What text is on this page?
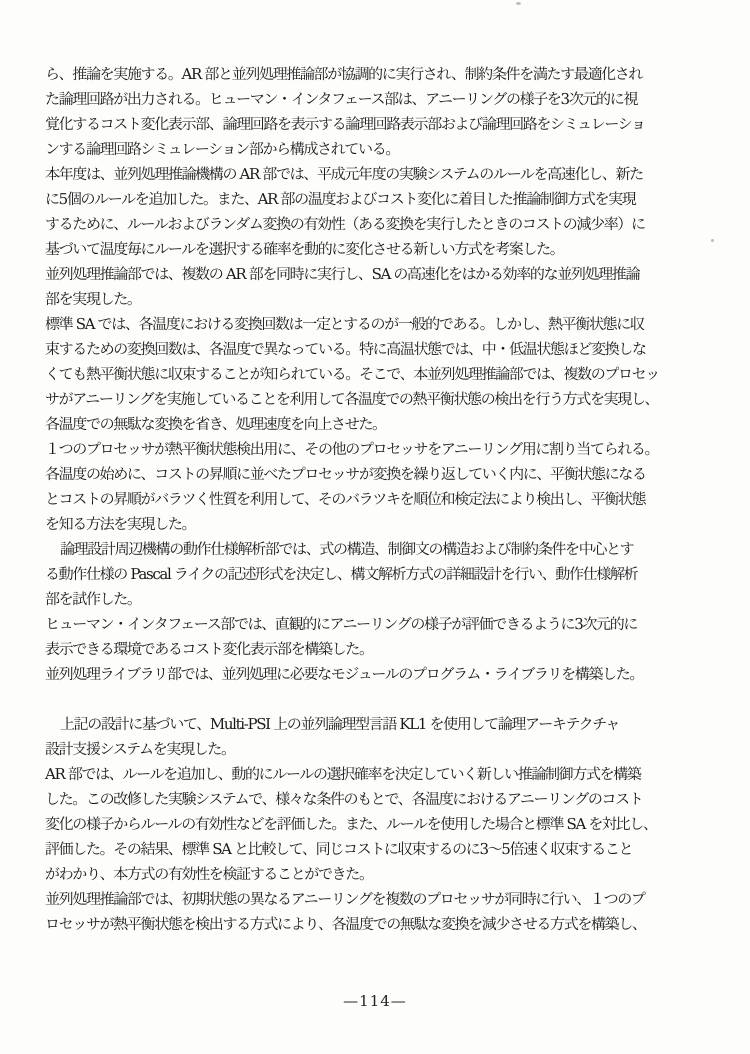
ら、推論を実施する。AR 部と並列処理推論部が協調的に実行され、制約条件を満たす最適化され
た論理回路が出力される。ヒューマン・インタフェース部は、アニーリングの様子を3次元的に視
覚化するコスト変化表示部、論理回路を表示する論理回路表示部および論理回路をシミュレーショ
ンする論理回路シミュレーション部から構成されている。
本年度は、並列処理推論機構の AR 部では、平成元年度の実験システムのルールを高速化し、新た
に5個のルールを追加した。また、AR 部の温度およびコスト変化に着目した推論制御方式を実現
するために、ルールおよびランダム変換の有効性（ある変換を実行したときのコストの減少率）に
基づいて温度毎にルールを選択する確率を動的に変化させる新しい方式を考案した。
並列処理推論部では、複数の AR 部を同時に実行し、SA の高速化をはかる効率的な並列処理推論
部を実現した。
標準 SA では、各温度における変換回数は一定とするのが一般的である。しかし、熱平衡状態に収
束するための変換回数は、各温度で異なっている。特に高温状態では、中・低温状態ほど変換しな
くても熱平衡状態に収束することが知られている。そこで、本並列処理推論部では、複数のプロセッ
サがアニーリングを実施していることを利用して各温度での熱平衡状態の検出を行う方式を実現し、
各温度での無駄な変換を省き、処理速度を向上させた。
１つのプロセッサが熱平衡状態検出用に、その他のプロセッサをアニーリング用に割り当てられる。
各温度の始めに、コストの昇順に並べたプロセッサが変換を繰り返していく内に、平衡状態になる
とコストの昇順がバラツく性質を利用して、そのバラツキを順位和検定法により検出し、平衡状態
を知る方法を実現した。
論理設計周辺機構の動作仕様解析部では、式の構造、制御文の構造および制約条件を中心とす
る動作仕様の Pascal ライクの記述形式を決定し、構文解析方式の詳細設計を行い、動作仕様解析
部を試作した。
ヒューマン・インタフェース部では、直観的にアニーリングの様子が評価できるように3次元的に
表示できる環境であるコスト変化表示部を構築した。
並列処理ライブラリ部では、並列処理に必要なモジュールのプログラム・ライブラリを構築した。
上記の設計に基づいて、Multi-PSI 上の並列論理型言語 KL1 を使用して論理アーキテクチャ
設計支援システムを実現した。
AR 部では、ルールを追加し、動的にルールの選択確率を決定していく新しい推論制御方式を構築
した。この改修した実験システムで、様々な条件のもとで、各温度におけるアニーリングのコスト
変化の様子からルールの有効性などを評価した。また、ルールを使用した場合と標準 SA を対比し、
評価した。その結果、標準 SA と比較して、同じコストに収束するのに3〜5倍速く収束すること
がわかり、本方式の有効性を検証することができた。
並列処理推論部では、初期状態の異なるアニーリングを複数のプロセッサが同時に行い、１つのプ
ロセッサが熱平衡状態を検出する方式により、各温度での無駄な変換を減少させる方式を構築し、
—114—
